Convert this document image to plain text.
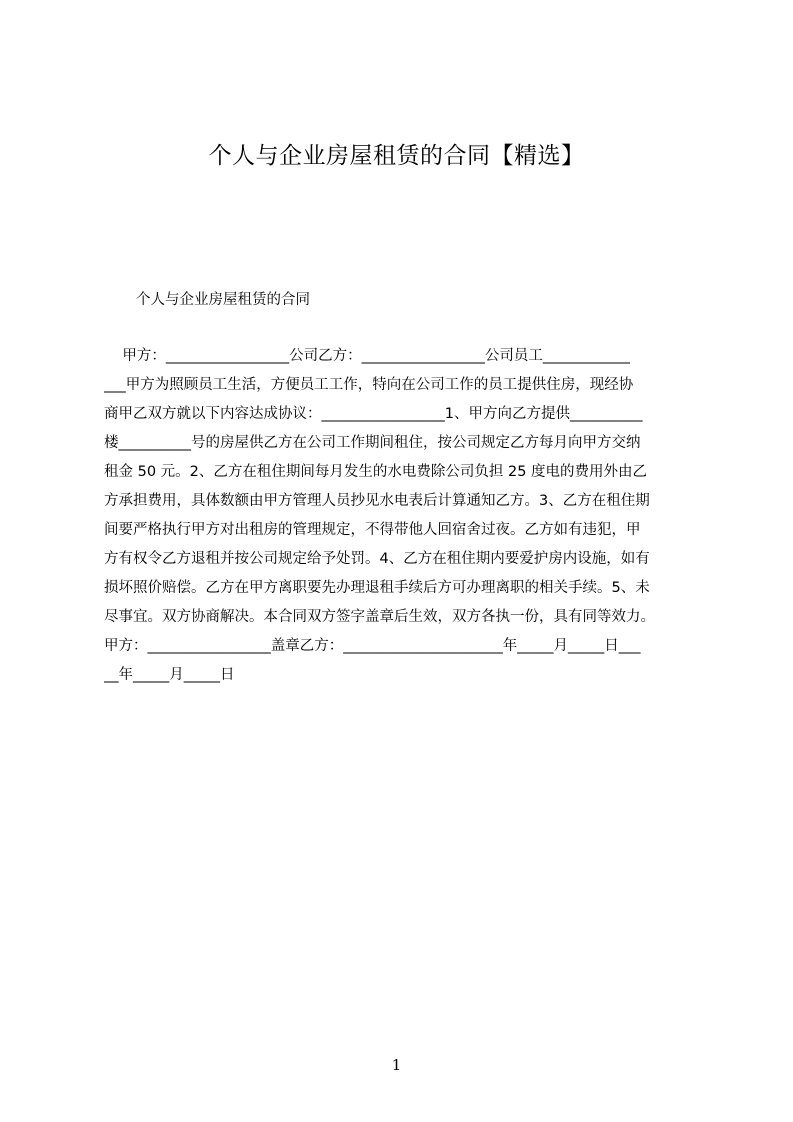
个人与企业房屋租赁的合同【精选】
个人与企业房屋租赁的合同
甲方：_________________公司乙方：_________________公司员工____________
___甲方为照顾员工生活，方便员工工作，特向在公司工作的员工提供住房，现经协
商甲乙双方就以下内容达成协议：_________________1、甲方向乙方提供__________
楼__________号的房屋供乙方在公司工作期间租住，按公司规定乙方每月向甲方交纳
租金 50 元。2、乙方在租住期间每月发生的水电费除公司负担 25 度电的费用外由乙
方承担费用，具体数额由甲方管理人员抄见水电表后计算通知乙方。3、乙方在租住期
间要严格执行甲方对出租房的管理规定，不得带他人回宿舍过夜。乙方如有违犯，甲
方有权令乙方退租并按公司规定给予处罚。4、乙方在租住期内要爱护房内设施，如有
损坏照价赔偿。乙方在甲方离职要先办理退租手续后方可办理离职的相关手续。5、未
尽事宜。双方协商解决。本合同双方签字盖章后生效，双方各执一份，具有同等效力。
甲方：_________________盖章乙方：______________________年_____月_____日___
__年_____月_____日
1
